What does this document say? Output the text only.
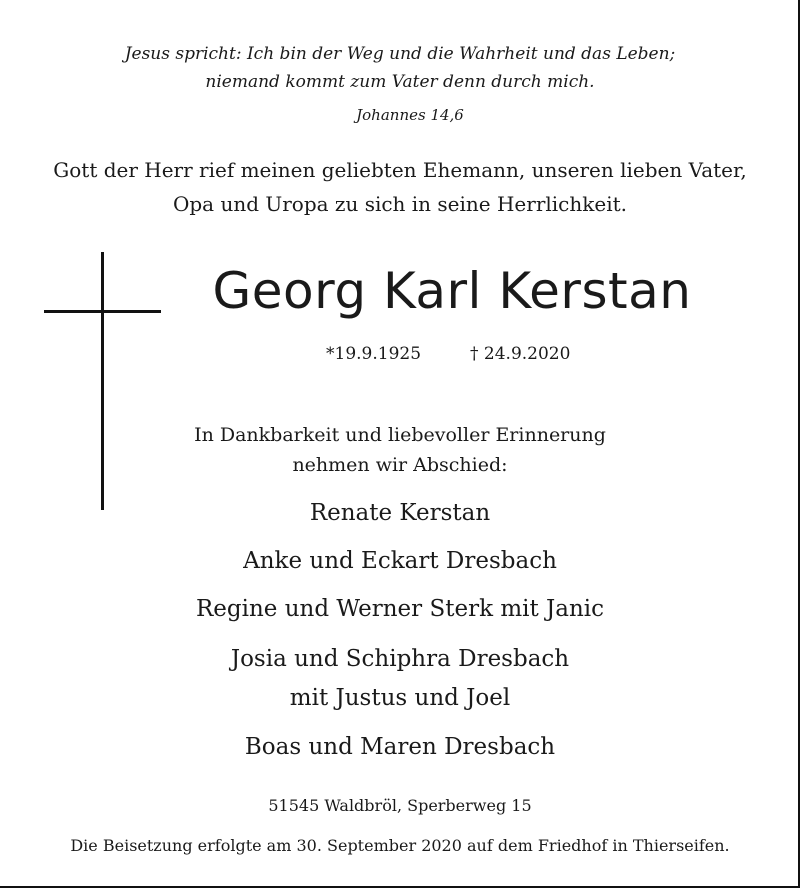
Jesus spricht: Ich bin der Weg und die Wahrheit und das Leben;
niemand kommt zum Vater denn durch mich.
Johannes 14,6
Gott der Herr rief meinen geliebten Ehemann, unseren lieben Vater,
Opa und Uropa zu sich in seine Herrlichkeit.
Georg Karl Kerstan
*19.9.1925	† 24.9.2020
In Dankbarkeit und liebevoller Erinnerung
nehmen wir Abschied:
Renate Kerstan
Anke und Eckart Dresbach
Regine und Werner Sterk mit Janic
Josia und Schiphra Dresbach
mit Justus und Joel
Boas und Maren Dresbach
51545 Waldbröl, Sperberweg 15
Die Beisetzung erfolgte am 30. September 2020 auf dem Friedhof in Thierseifen.
